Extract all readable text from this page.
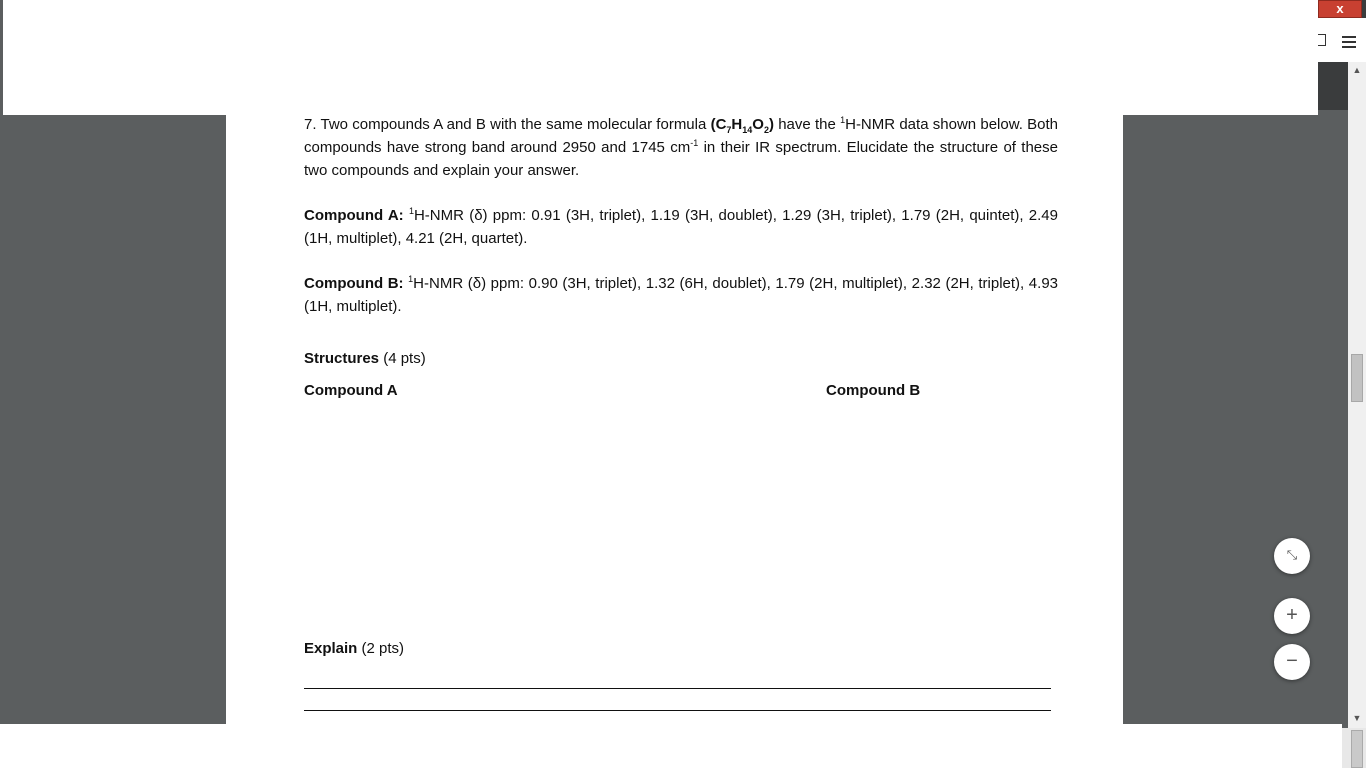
x
▲
▼
7. Two compounds A and B with the same molecular formula $(C_7H_{14}O_2)$ have the $^1$H-NMR data shown below. Both compounds have strong band around 2950 and 1745 $cm^{-1}$ in their IR spectrum. Elucidate the structure of these two compounds and explain your answer.
Compound A: $^1$H-NMR (δ) ppm: 0.91 (3H, triplet), 1.19 (3H, doublet), 1.29 (3H, triplet), 1.79 (2H, quintet), 2.49 (1H, multiplet), 4.21 (2H, quartet).
Compound B: $^1$H-NMR (δ) ppm: 0.90 (3H, triplet), 1.32 (6H, doublet), 1.79 (2H, multiplet), 2.32 (2H, triplet), 4.93 (1H, multiplet).
Structures (4 pts)
Compound A	Compound B
Explain (2 pts)
⤡
+
−
